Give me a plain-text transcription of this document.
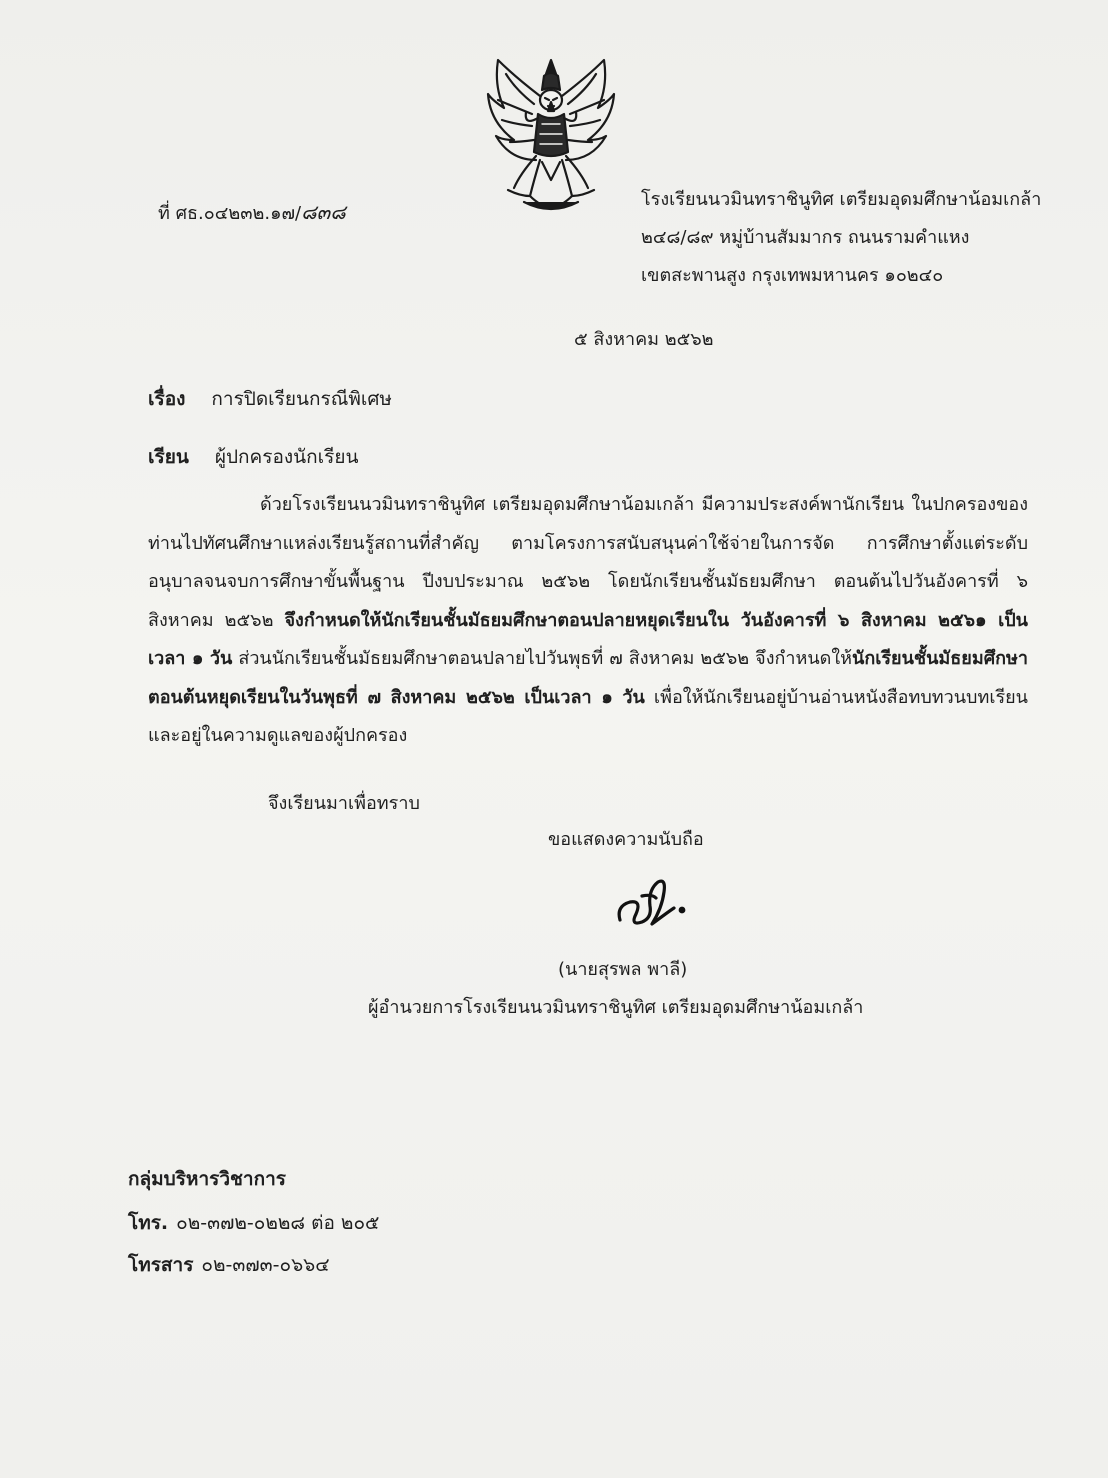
ที่ ศธ.๐๔๒๓๒.๑๗/๘๓๘
โรงเรียนนวมินทราชินูทิศ เตรียมอุดมศึกษาน้อมเกล้า
๒๔๘/๘๙ หมู่บ้านสัมมากร ถนนรามคำแหง
เขตสะพานสูง กรุงเทพมหานคร ๑๐๒๔๐
๕ สิงหาคม ๒๕๖๒
เรื่อง การปิดเรียนกรณีพิเศษ
เรียน ผู้ปกครองนักเรียน
ด้วยโรงเรียนนวมินทราชินูทิศ เตรียมอุดมศึกษาน้อมเกล้า มีความประสงค์พานักเรียน ในปกครองของท่านไปทัศนศึกษาแหล่งเรียนรู้สถานที่สำคัญ ตามโครงการสนับสนุนค่าใช้จ่ายในการจัด การศึกษาตั้งแต่ระดับอนุบาลจนจบการศึกษาขั้นพื้นฐาน ปีงบประมาณ ๒๕๖๒ โดยนักเรียนชั้นมัธยมศึกษา ตอนต้นไปวันอังคารที่ ๖ สิงหาคม ๒๕๖๒ จึงกำหนดให้นักเรียนชั้นมัธยมศึกษาตอนปลายหยุดเรียนใน วันอังคารที่ ๖ สิงหาคม ๒๕๖๑ เป็นเวลา ๑ วัน ส่วนนักเรียนชั้นมัธยมศึกษาตอนปลายไปวันพุธที่ ๗ สิงหาคม ๒๕๖๒ จึงกำหนดให้นักเรียนชั้นมัธยมศึกษาตอนต้นหยุดเรียนในวันพุธที่ ๗ สิงหาคม ๒๕๖๒ เป็นเวลา ๑ วัน เพื่อให้นักเรียนอยู่บ้านอ่านหนังสือทบทวนบทเรียนและอยู่ในความดูแลของผู้ปกครอง
จึงเรียนมาเพื่อทราบ
ขอแสดงความนับถือ
(นายสุรพล พาลี)
ผู้อำนวยการโรงเรียนนวมินทราชินูทิศ เตรียมอุดมศึกษาน้อมเกล้า
กลุ่มบริหารวิชาการ
โทร. ๐๒-๓๗๒-๐๒๒๘ ต่อ ๒๐๕
โทรสาร ๐๒-๓๗๓-๐๖๖๔
